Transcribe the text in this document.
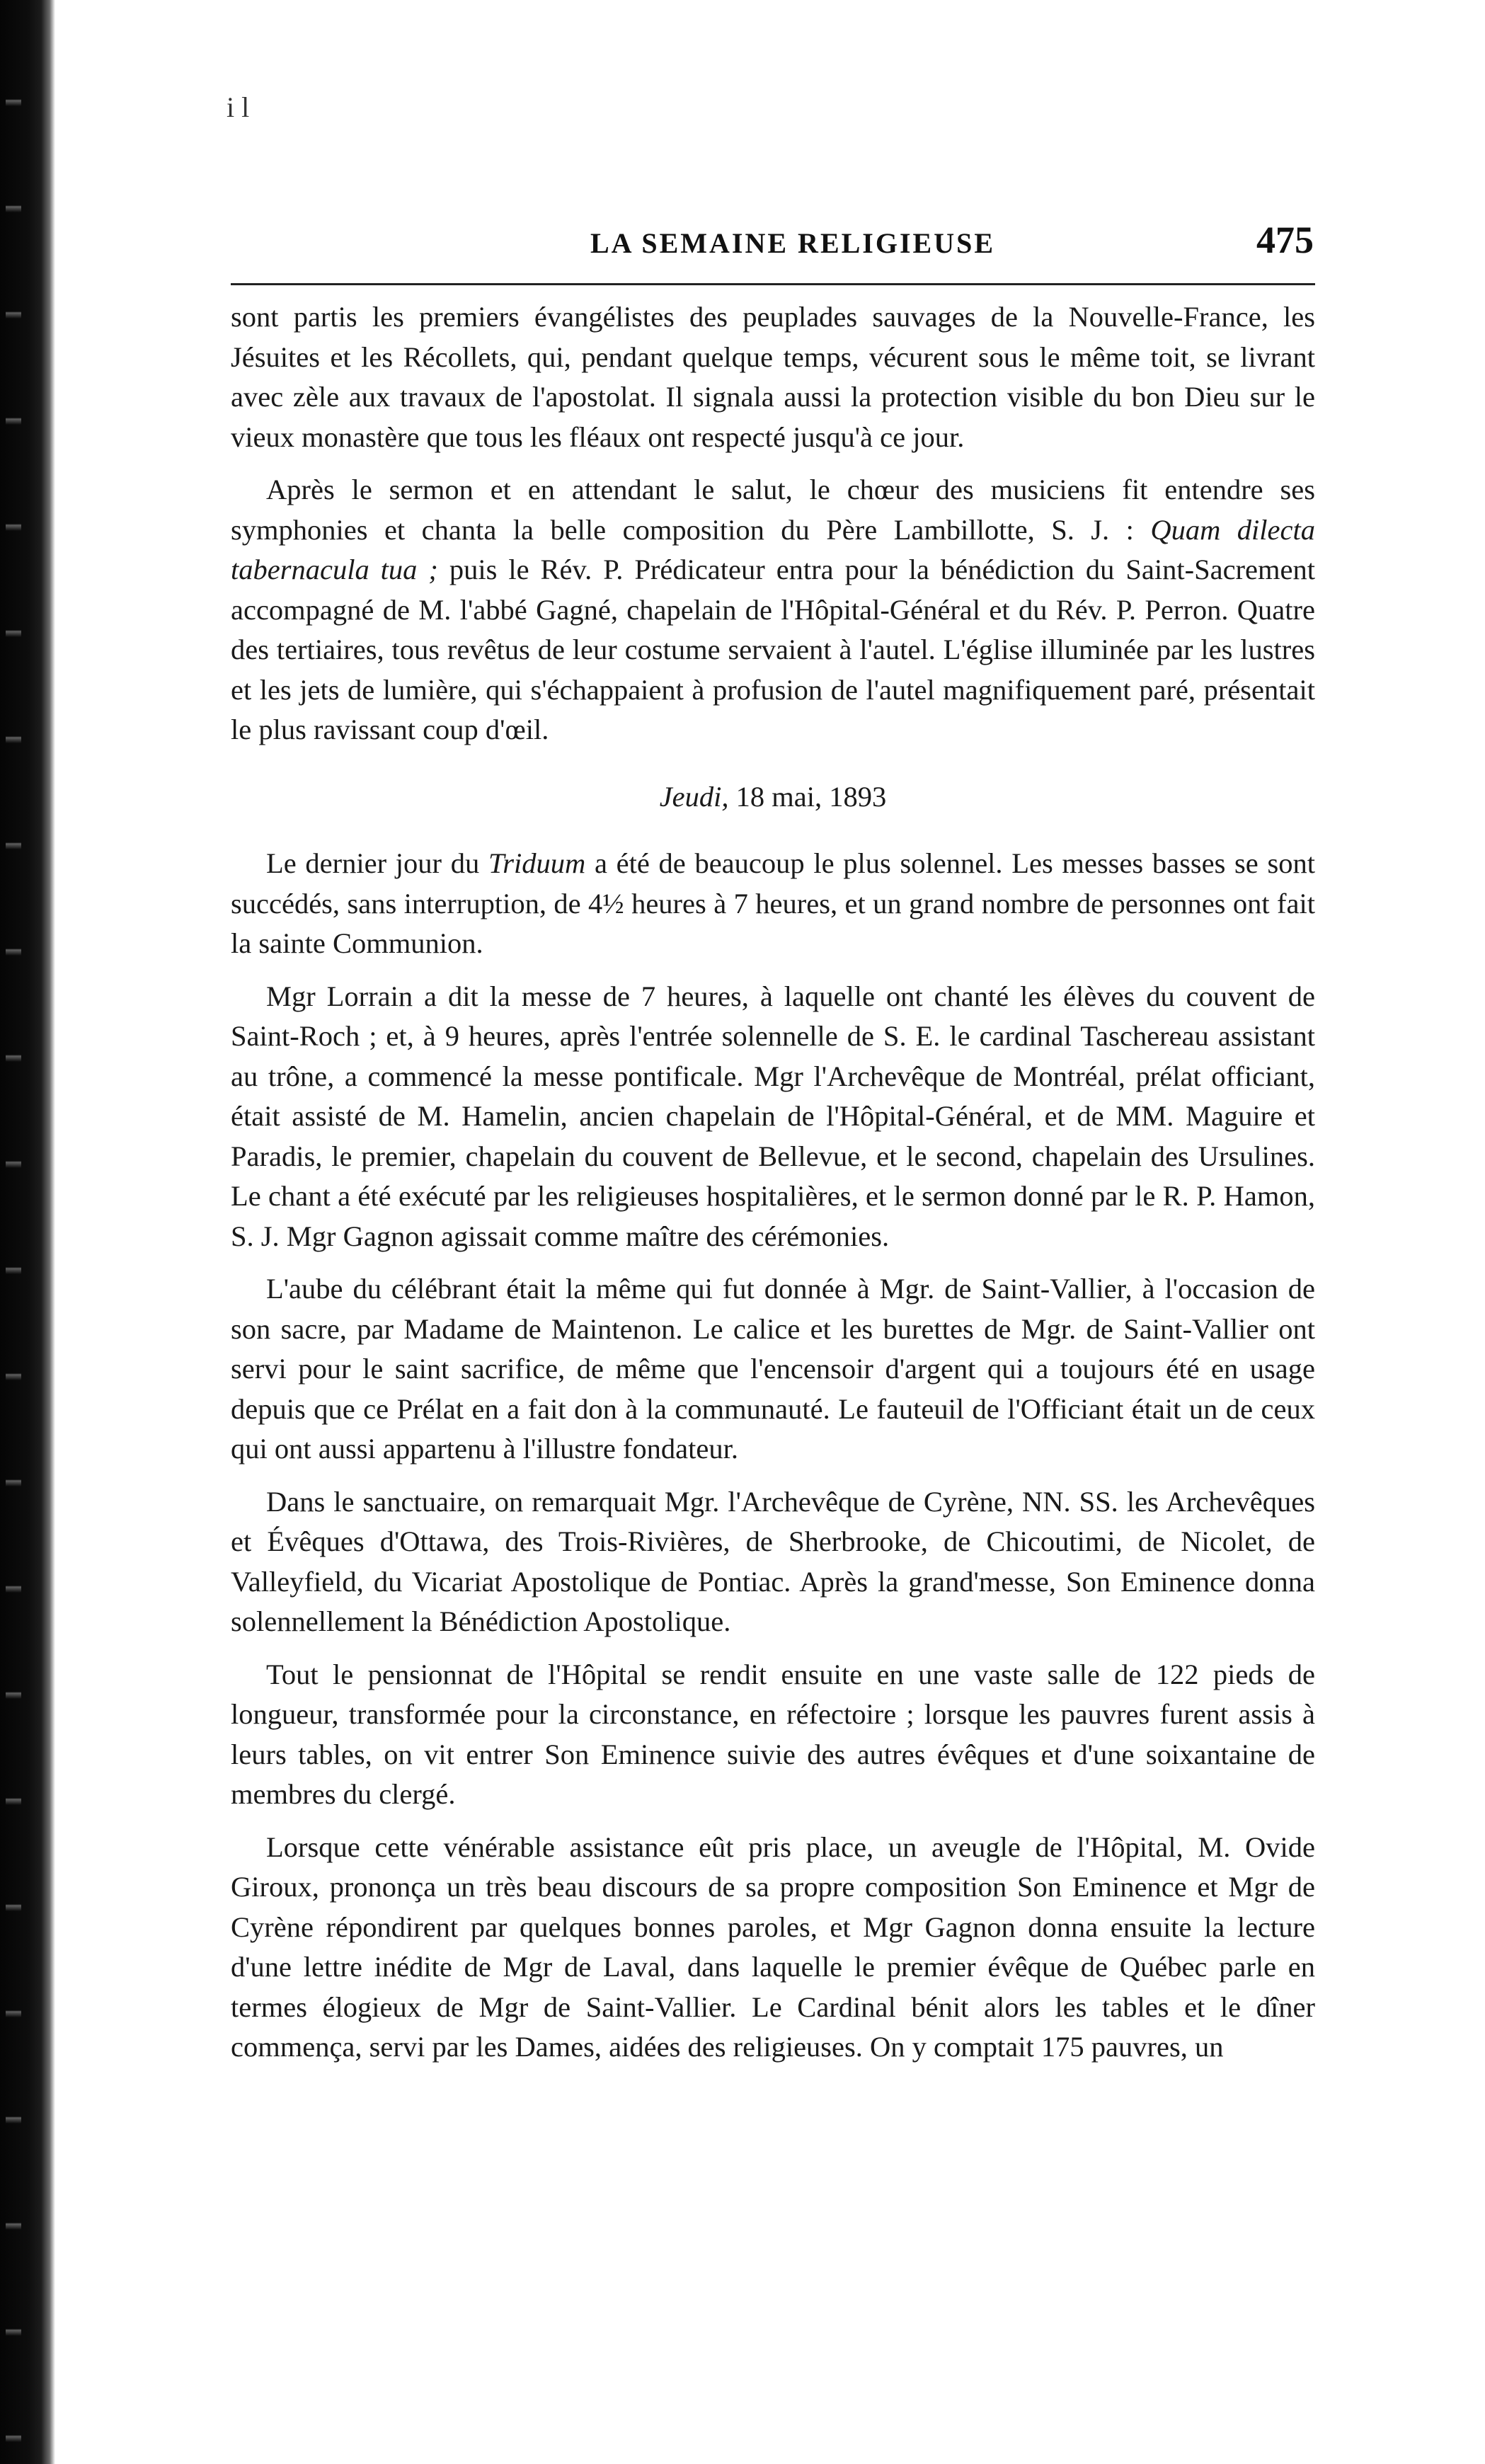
i l
LA SEMAINE RELIGIEUSE	475

sont partis les premiers évangélistes des peuplades sauvages de la Nouvelle-France, les Jésuites et les Récollets, qui, pendant quelque temps, vécurent sous le même toit, se livrant avec zèle aux travaux de l'apostolat. Il signala aussi la protection visible du bon Dieu sur le vieux monastère que tous les fléaux ont respecté jusqu'à ce jour.

Après le sermon et en attendant le salut, le chœur des musiciens fit entendre ses symphonies et chanta la belle composition du Père Lambillotte, S. J. : Quam dilecta tabernacula tua ; puis le Rév. P. Prédicateur entra pour la bénédiction du Saint-Sacrement accompagné de M. l'abbé Gagné, chapelain de l'Hôpital-Général et du Rév. P. Perron. Quatre des tertiaires, tous revêtus de leur costume servaient à l'autel. L'église illuminée par les lustres et les jets de lumière, qui s'échappaient à profusion de l'autel magnifiquement paré, présentait le plus ravissant coup d'œil.

Jeudi, 18 mai, 1893

Le dernier jour du Triduum a été de beaucoup le plus solennel. Les messes basses se sont succédés, sans interruption, de 4½ heures à 7 heures, et un grand nombre de personnes ont fait la sainte Communion.

Mgr Lorrain a dit la messe de 7 heures, à laquelle ont chanté les élèves du couvent de Saint-Roch ; et, à 9 heures, après l'entrée solennelle de S. E. le cardinal Taschereau assistant au trône, a commencé la messe pontificale. Mgr l'Archevêque de Montréal, prélat officiant, était assisté de M. Hamelin, ancien chapelain de l'Hôpital-Général, et de MM. Maguire et Paradis, le premier, chapelain du couvent de Bellevue, et le second, chapelain des Ursulines. Le chant a été exécuté par les religieuses hospitalières, et le sermon donné par le R. P. Hamon, S. J. Mgr Gagnon agissait comme maître des cérémonies.

L'aube du célébrant était la même qui fut donnée à Mgr. de Saint-Vallier, à l'occasion de son sacre, par Madame de Maintenon. Le calice et les burettes de Mgr. de Saint-Vallier ont servi pour le saint sacrifice, de même que l'encensoir d'argent qui a toujours été en usage depuis que ce Prélat en a fait don à la communauté. Le fauteuil de l'Officiant était un de ceux qui ont aussi appartenu à l'illustre fondateur.

Dans le sanctuaire, on remarquait Mgr. l'Archevêque de Cyrène, NN. SS. les Archevêques et Évêques d'Ottawa, des Trois-Rivières, de Sherbrooke, de Chicoutimi, de Nicolet, de Valleyfield, du Vicariat Apostolique de Pontiac. Après la grand'messe, Son Eminence donna solennellement la Bénédiction Apostolique.

Tout le pensionnat de l'Hôpital se rendit ensuite en une vaste salle de 122 pieds de longueur, transformée pour la circonstance, en réfectoire ; lorsque les pauvres furent assis à leurs tables, on vit entrer Son Eminence suivie des autres évêques et d'une soixantaine de membres du clergé.

Lorsque cette vénérable assistance eût pris place, un aveugle de l'Hôpital, M. Ovide Giroux, prononça un très beau discours de sa propre composition Son Eminence et Mgr de Cyrène répondirent par quelques bonnes paroles, et Mgr Gagnon donna ensuite la lecture d'une lettre inédite de Mgr de Laval, dans laquelle le premier évêque de Québec parle en termes élogieux de Mgr de Saint-Vallier. Le Cardinal bénit alors les tables et le dîner commença, servi par les Dames, aidées des religieuses. On y comptait 175 pauvres, un
